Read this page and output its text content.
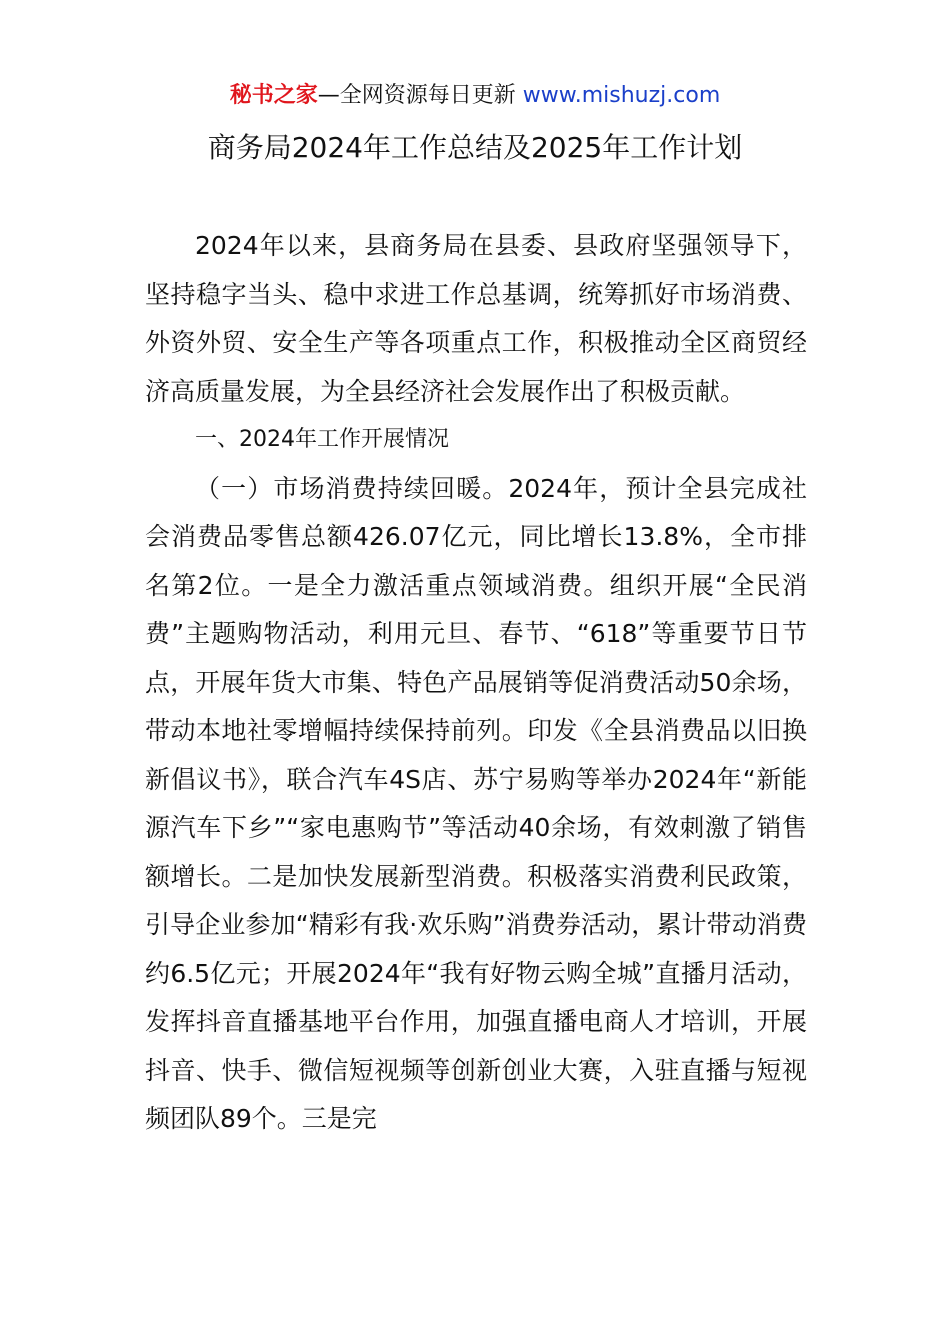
秘书之家—全网资源每日更新 www.mishuzj.com
商务局2024年工作总结及2025年工作计划

2024年以来，县商务局在县委、县政府坚强领导下，坚持稳字当头、稳中求进工作总基调，统筹抓好市场消费、外资外贸、安全生产等各项重点工作，积极推动全区商贸经济高质量发展，为全县经济社会发展作出了积极贡献。

一、2024年工作开展情况

（一）市场消费持续回暖。2024年，预计全县完成社会消费品零售总额426.07亿元，同比增长13.8%，全市排名第2位。一是全力激活重点领域消费。组织开展“全民消费”主题购物活动，利用元旦、春节、“618”等重要节日节点，开展年货大市集、特色产品展销等促消费活动50余场，带动本地社零增幅持续保持前列。印发《全县消费品以旧换新倡议书》，联合汽车4S店、苏宁易购等举办2024年“新能源汽车下乡”“家电惠购节”等活动40余场，有效刺激了销售额增长。二是加快发展新型消费。积极落实消费利民政策，引导企业参加“精彩有我·欢乐购”消费券活动，累计带动消费约6.5亿元；开展2024年“我有好物云购全城”直播月活动，发挥抖音直播基地平台作用，加强直播电商人才培训，开展抖音、快手、微信短视频等创新创业大赛，入驻直播与短视频团队89个。三是完
